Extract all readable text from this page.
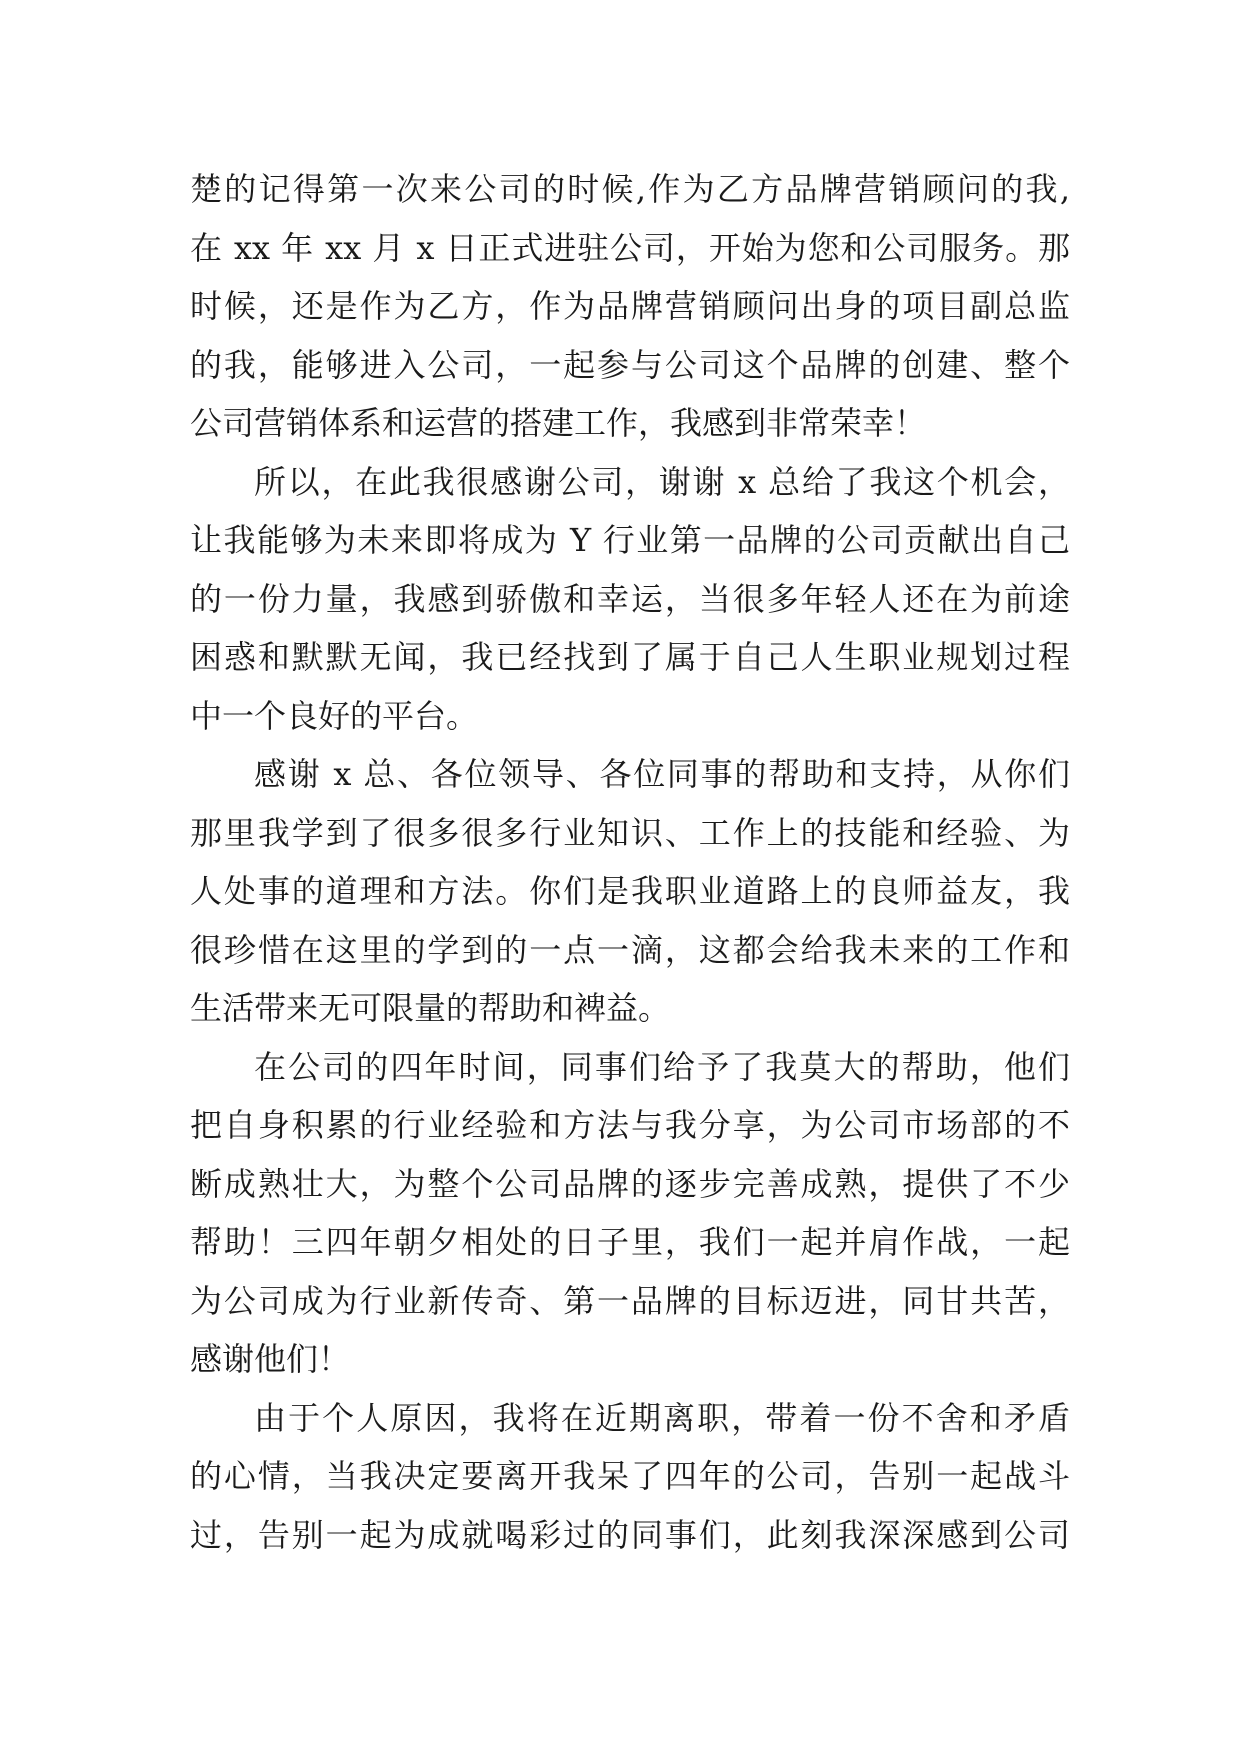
楚的记得第一次来公司的时候,作为乙方品牌营销顾问的我,
在 xx 年 xx 月 x 日正式进驻公司，开始为您和公司服务。那
时候，还是作为乙方，作为品牌营销顾问出身的项目副总监
的我，能够进入公司，一起参与公司这个品牌的创建、整个
公司营销体系和运营的搭建工作，我感到非常荣幸！
所以，在此我很感谢公司，谢谢 x 总给了我这个机会，
让我能够为未来即将成为 Y 行业第一品牌的公司贡献出自己
的一份力量，我感到骄傲和幸运，当很多年轻人还在为前途
困惑和默默无闻，我已经找到了属于自己人生职业规划过程
中一个良好的平台。
感谢 x 总、各位领导、各位同事的帮助和支持，从你们
那里我学到了很多很多行业知识、工作上的技能和经验、为
人处事的道理和方法。你们是我职业道路上的良师益友，我
很珍惜在这里的学到的一点一滴，这都会给我未来的工作和
生活带来无可限量的帮助和裨益。
在公司的四年时间，同事们给予了我莫大的帮助，他们
把自身积累的行业经验和方法与我分享，为公司市场部的不
断成熟壮大，为整个公司品牌的逐步完善成熟，提供了不少
帮助！三四年朝夕相处的日子里，我们一起并肩作战，一起
为公司成为行业新传奇、第一品牌的目标迈进，同甘共苦，
感谢他们！
由于个人原因，我将在近期离职，带着一份不舍和矛盾
的心情，当我决定要离开我呆了四年的公司，告别一起战斗
过，告别一起为成就喝彩过的同事们，此刻我深深感到公司
